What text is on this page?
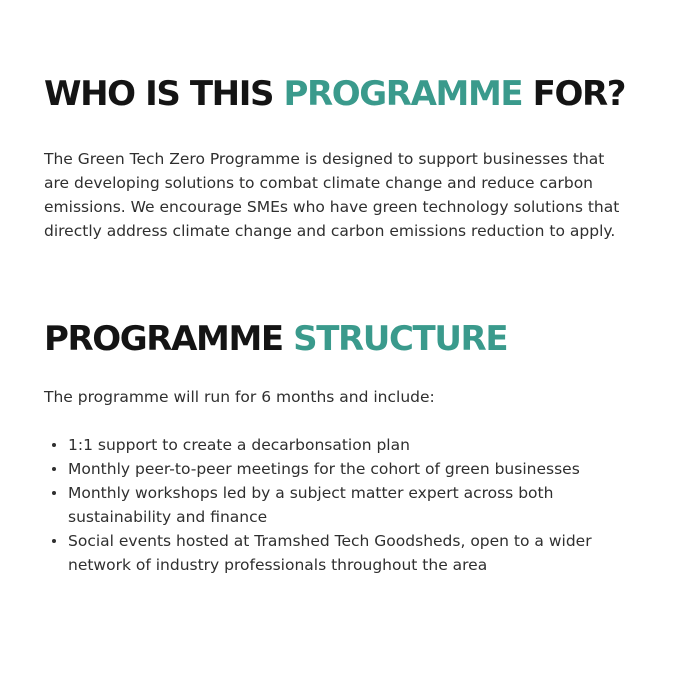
WHO IS THIS PROGRAMME FOR?

The Green Tech Zero Programme is designed to support businesses that are developing solutions to combat climate change and reduce carbon emissions. We encourage SMEs who have green technology solutions that directly address climate change and carbon emissions reduction to apply.

PROGRAMME STRUCTURE

The programme will run for 6 months and include:

1:1 support to create a decarbonsation plan
Monthly peer-to-peer meetings for the cohort of green businesses
Monthly workshops led by a subject matter expert across both sustainability and finance
Social events hosted at Tramshed Tech Goodsheds, open to a wider network of industry professionals throughout the area
